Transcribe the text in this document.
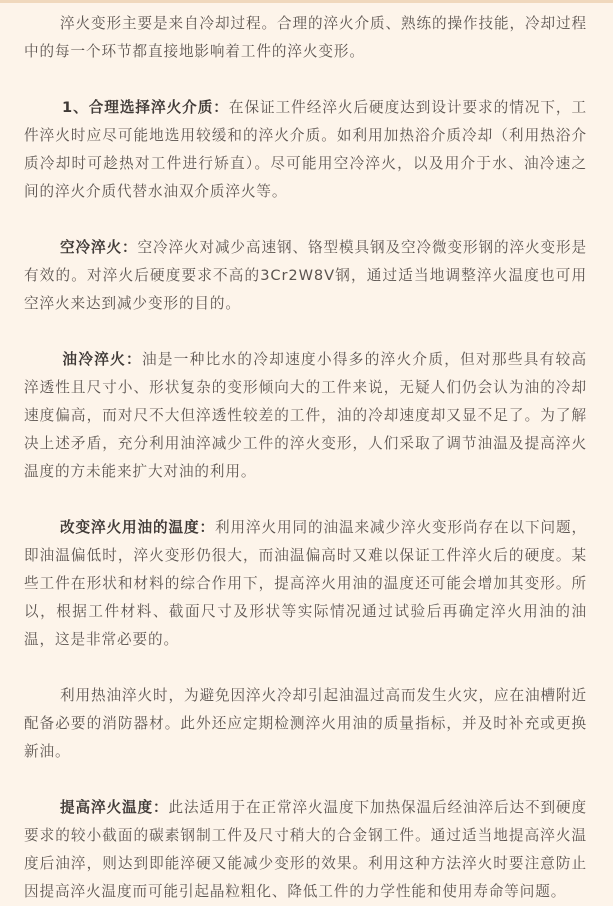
淬火变形主要是来自冷却过程。合理的淬火介质、熟练的操作技能，冷却过程中的每一个环节都直接地影响着工件的淬火变形。

1、合理选择淬火介质：在保证工件经淬火后硬度达到设计要求的情况下，工件淬火时应尽可能地选用较缓和的淬火介质。如利用加热浴介质冷却（利用热浴介质冷却时可趁热对工件进行矫直）。尽可能用空冷淬火，以及用介于水、油冷速之间的淬火介质代替水油双介质淬火等。

空冷淬火：空冷淬火对减少高速钢、铬型模具钢及空冷微变形钢的淬火变形是有效的。对淬火后硬度要求不高的3Cr2W8V钢，通过适当地调整淬火温度也可用空淬火来达到减少变形的目的。

油冷淬火：油是一种比水的冷却速度小得多的淬火介质，但对那些具有较高淬透性且尺寸小、形状复杂的变形倾向大的工件来说，无疑人们仍会认为油的冷却速度偏高，而对尺不大但淬透性较差的工件，油的冷却速度却又显不足了。为了解决上述矛盾，充分利用油淬减少工件的淬火变形，人们采取了调节油温及提高淬火温度的方未能来扩大对油的利用。

改变淬火用油的温度：利用淬火用同的油温来减少淬火变形尚存在以下问题，即油温偏低时，淬火变形仍很大，而油温偏高时又难以保证工件淬火后的硬度。某些工件在形状和材料的综合作用下，提高淬火用油的温度还可能会增加其变形。所以，根据工件材料、截面尺寸及形状等实际情况通过试验后再确定淬火用油的油温，这是非常必要的。

利用热油淬火时，为避免因淬火冷却引起油温过高而发生火灾，应在油槽附近配备必要的消防器材。此外还应定期检测淬火用油的质量指标，并及时补充或更换新油。

提高淬火温度：此法适用于在正常淬火温度下加热保温后经油淬后达不到硬度要求的较小截面的碳素钢制工件及尺寸稍大的合金钢工件。通过适当地提高淬火温度后油淬，则达到即能淬硬又能减少变形的效果。利用这种方法淬火时要注意防止因提高淬火温度而可能引起晶粒粗化、降低工件的力学性能和使用寿命等问题。
